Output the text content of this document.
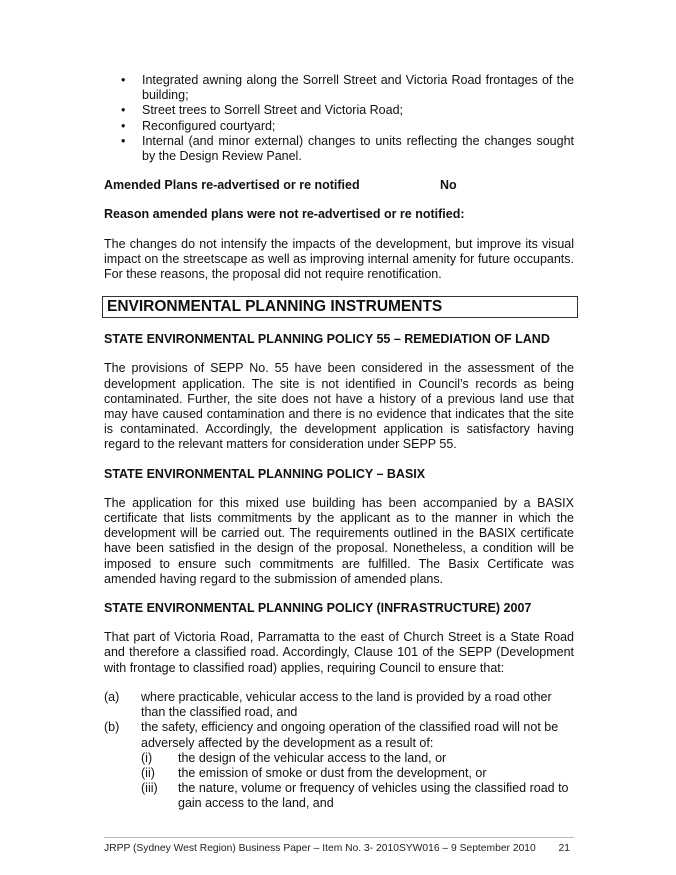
• Integrated awning along the Sorrell Street and Victoria Road frontages of the building;
• Street trees to Sorrell Street and Victoria Road;
• Reconfigured courtyard;
• Internal (and minor external) changes to units reflecting the changes sought by the Design Review Panel.
Amended Plans re-advertised or re notified	No

Reason amended plans were not re-advertised or re notified:

The changes do not intensify the impacts of the development, but improve its visual impact on the streetscape as well as improving internal amenity for future occupants. For these reasons, the proposal did not require renotification.

ENVIRONMENTAL PLANNING INSTRUMENTS

STATE ENVIRONMENTAL PLANNING POLICY 55 – REMEDIATION OF LAND

The provisions of SEPP No. 55 have been considered in the assessment of the development application. The site is not identified in Council’s records as being contaminated. Further, the site does not have a history of a previous land use that may have caused contamination and there is no evidence that indicates that the site is contaminated. Accordingly, the development application is satisfactory having regard to the relevant matters for consideration under SEPP 55.

STATE ENVIRONMENTAL PLANNING POLICY – BASIX

The application for this mixed use building has been accompanied by a BASIX certificate that lists commitments by the applicant as to the manner in which the development will be carried out. The requirements outlined in the BASIX certificate have been satisfied in the design of the proposal. Nonetheless, a condition will be imposed to ensure such commitments are fulfilled. The Basix Certificate was amended having regard to the submission of amended plans.

STATE ENVIRONMENTAL PLANNING POLICY (INFRASTRUCTURE) 2007

That part of Victoria Road, Parramatta to the east of Church Street is a State Road and therefore a classified road. Accordingly, Clause 101 of the SEPP (Development with frontage to classified road) applies, requiring Council to ensure that:

(a) where practicable, vehicular access to the land is provided by a road other than the classified road, and
(b) the safety, efficiency and ongoing operation of the classified road will not be adversely affected by the development as a result of:
(i) the design of the vehicular access to the land, or
(ii) the emission of smoke or dust from the development, or
(iii) the nature, volume or frequency of vehicles using the classified road to gain access to the land, and
JRPP (Sydney West Region) Business Paper – Item No. 3- 2010SYW016 – 9 September 2010 21
